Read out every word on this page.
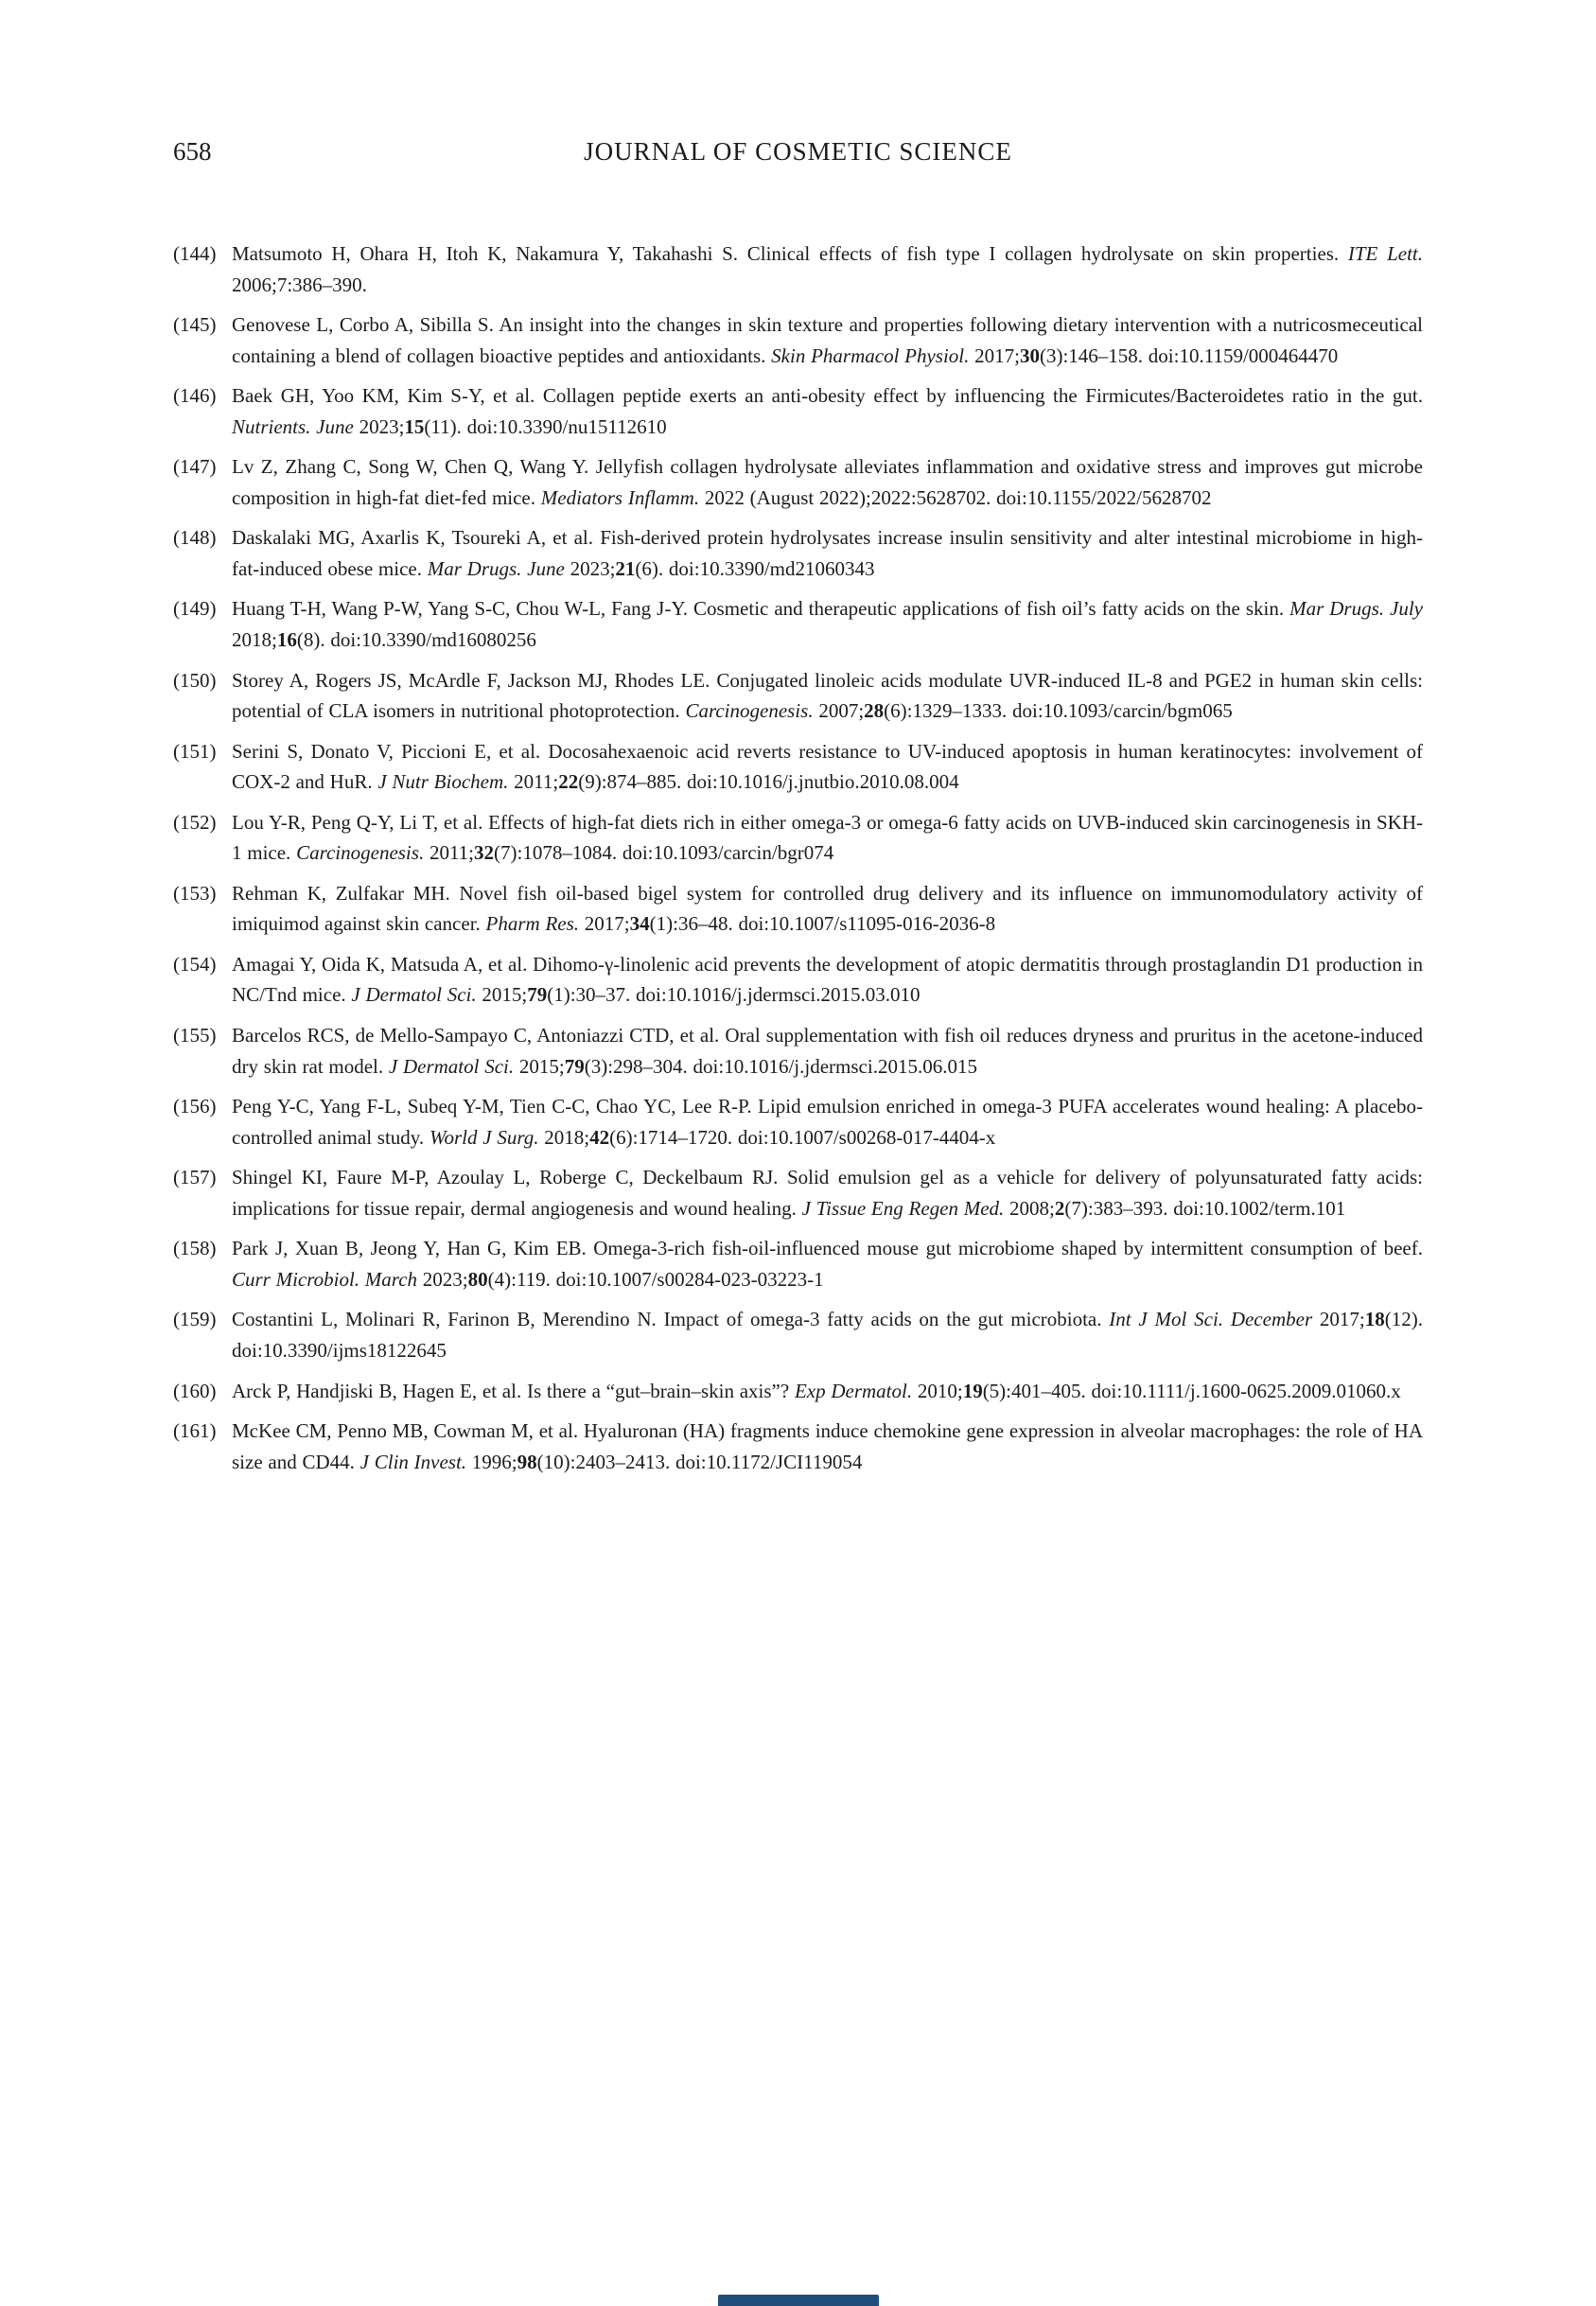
658	JOURNAL OF COSMETIC SCIENCE

(144) Matsumoto H, Ohara H, Itoh K, Nakamura Y, Takahashi S. Clinical effects of fish type I collagen hydrolysate on skin properties. ITE Lett. 2006;7:386–390.

(145) Genovese L, Corbo A, Sibilla S. An insight into the changes in skin texture and properties following dietary intervention with a nutricosmeceutical containing a blend of collagen bioactive peptides and antioxidants. Skin Pharmacol Physiol. 2017;30(3):146–158. doi:10.1159/000464470

(146) Baek GH, Yoo KM, Kim S-Y, et al. Collagen peptide exerts an anti-obesity effect by influencing the Firmicutes/Bacteroidetes ratio in the gut. Nutrients. June 2023;15(11). doi:10.3390/nu15112610

(147) Lv Z, Zhang C, Song W, Chen Q, Wang Y. Jellyfish collagen hydrolysate alleviates inflammation and oxidative stress and improves gut microbe composition in high-fat diet-fed mice. Mediators Inflamm. 2022 (August 2022);2022:5628702. doi:10.1155/2022/5628702

(148) Daskalaki MG, Axarlis K, Tsoureki A, et al. Fish-derived protein hydrolysates increase insulin sensitivity and alter intestinal microbiome in high-fat-induced obese mice. Mar Drugs. June 2023;21(6). doi:10.3390/md21060343

(149) Huang T-H, Wang P-W, Yang S-C, Chou W-L, Fang J-Y. Cosmetic and therapeutic applications of fish oil’s fatty acids on the skin. Mar Drugs. July 2018;16(8). doi:10.3390/md16080256

(150) Storey A, Rogers JS, McArdle F, Jackson MJ, Rhodes LE. Conjugated linoleic acids modulate UVR-induced IL-8 and PGE2 in human skin cells: potential of CLA isomers in nutritional photoprotection. Carcinogenesis. 2007;28(6):1329–1333. doi:10.1093/carcin/bgm065

(151) Serini S, Donato V, Piccioni E, et al. Docosahexaenoic acid reverts resistance to UV-induced apoptosis in human keratinocytes: involvement of COX-2 and HuR. J Nutr Biochem. 2011;22(9):874–885. doi:10.1016/j.jnutbio.2010.08.004

(152) Lou Y-R, Peng Q-Y, Li T, et al. Effects of high-fat diets rich in either omega-3 or omega-6 fatty acids on UVB-induced skin carcinogenesis in SKH-1 mice. Carcinogenesis. 2011;32(7):1078–1084. doi:10.1093/carcin/bgr074

(153) Rehman K, Zulfakar MH. Novel fish oil-based bigel system for controlled drug delivery and its influence on immunomodulatory activity of imiquimod against skin cancer. Pharm Res. 2017;34(1):36–48. doi:10.1007/s11095-016-2036-8

(154) Amagai Y, Oida K, Matsuda A, et al. Dihomo-γ-linolenic acid prevents the development of atopic dermatitis through prostaglandin D1 production in NC/Tnd mice. J Dermatol Sci. 2015;79(1):30–37. doi:10.1016/j.jdermsci.2015.03.010

(155) Barcelos RCS, de Mello-Sampayo C, Antoniazzi CTD, et al. Oral supplementation with fish oil reduces dryness and pruritus in the acetone-induced dry skin rat model. J Dermatol Sci. 2015;79(3):298–304. doi:10.1016/j.jdermsci.2015.06.015

(156) Peng Y-C, Yang F-L, Subeq Y-M, Tien C-C, Chao YC, Lee R-P. Lipid emulsion enriched in omega-3 PUFA accelerates wound healing: A placebo-controlled animal study. World J Surg. 2018;42(6):1714–1720. doi:10.1007/s00268-017-4404-x

(157) Shingel KI, Faure M-P, Azoulay L, Roberge C, Deckelbaum RJ. Solid emulsion gel as a vehicle for delivery of polyunsaturated fatty acids: implications for tissue repair, dermal angiogenesis and wound healing. J Tissue Eng Regen Med. 2008;2(7):383–393. doi:10.1002/term.101

(158) Park J, Xuan B, Jeong Y, Han G, Kim EB. Omega-3-rich fish-oil-influenced mouse gut microbiome shaped by intermittent consumption of beef. Curr Microbiol. March 2023;80(4):119. doi:10.1007/s00284-023-03223-1

(159) Costantini L, Molinari R, Farinon B, Merendino N. Impact of omega-3 fatty acids on the gut microbiota. Int J Mol Sci. December 2017;18(12). doi:10.3390/ijms18122645

(160) Arck P, Handjiski B, Hagen E, et al. Is there a “gut–brain–skin axis”? Exp Dermatol. 2010;19(5):401–405. doi:10.1111/j.1600-0625.2009.01060.x

(161) McKee CM, Penno MB, Cowman M, et al. Hyaluronan (HA) fragments induce chemokine gene expression in alveolar macrophages: the role of HA size and CD44. J Clin Invest. 1996;98(10):2403–2413. doi:10.1172/JCI119054
